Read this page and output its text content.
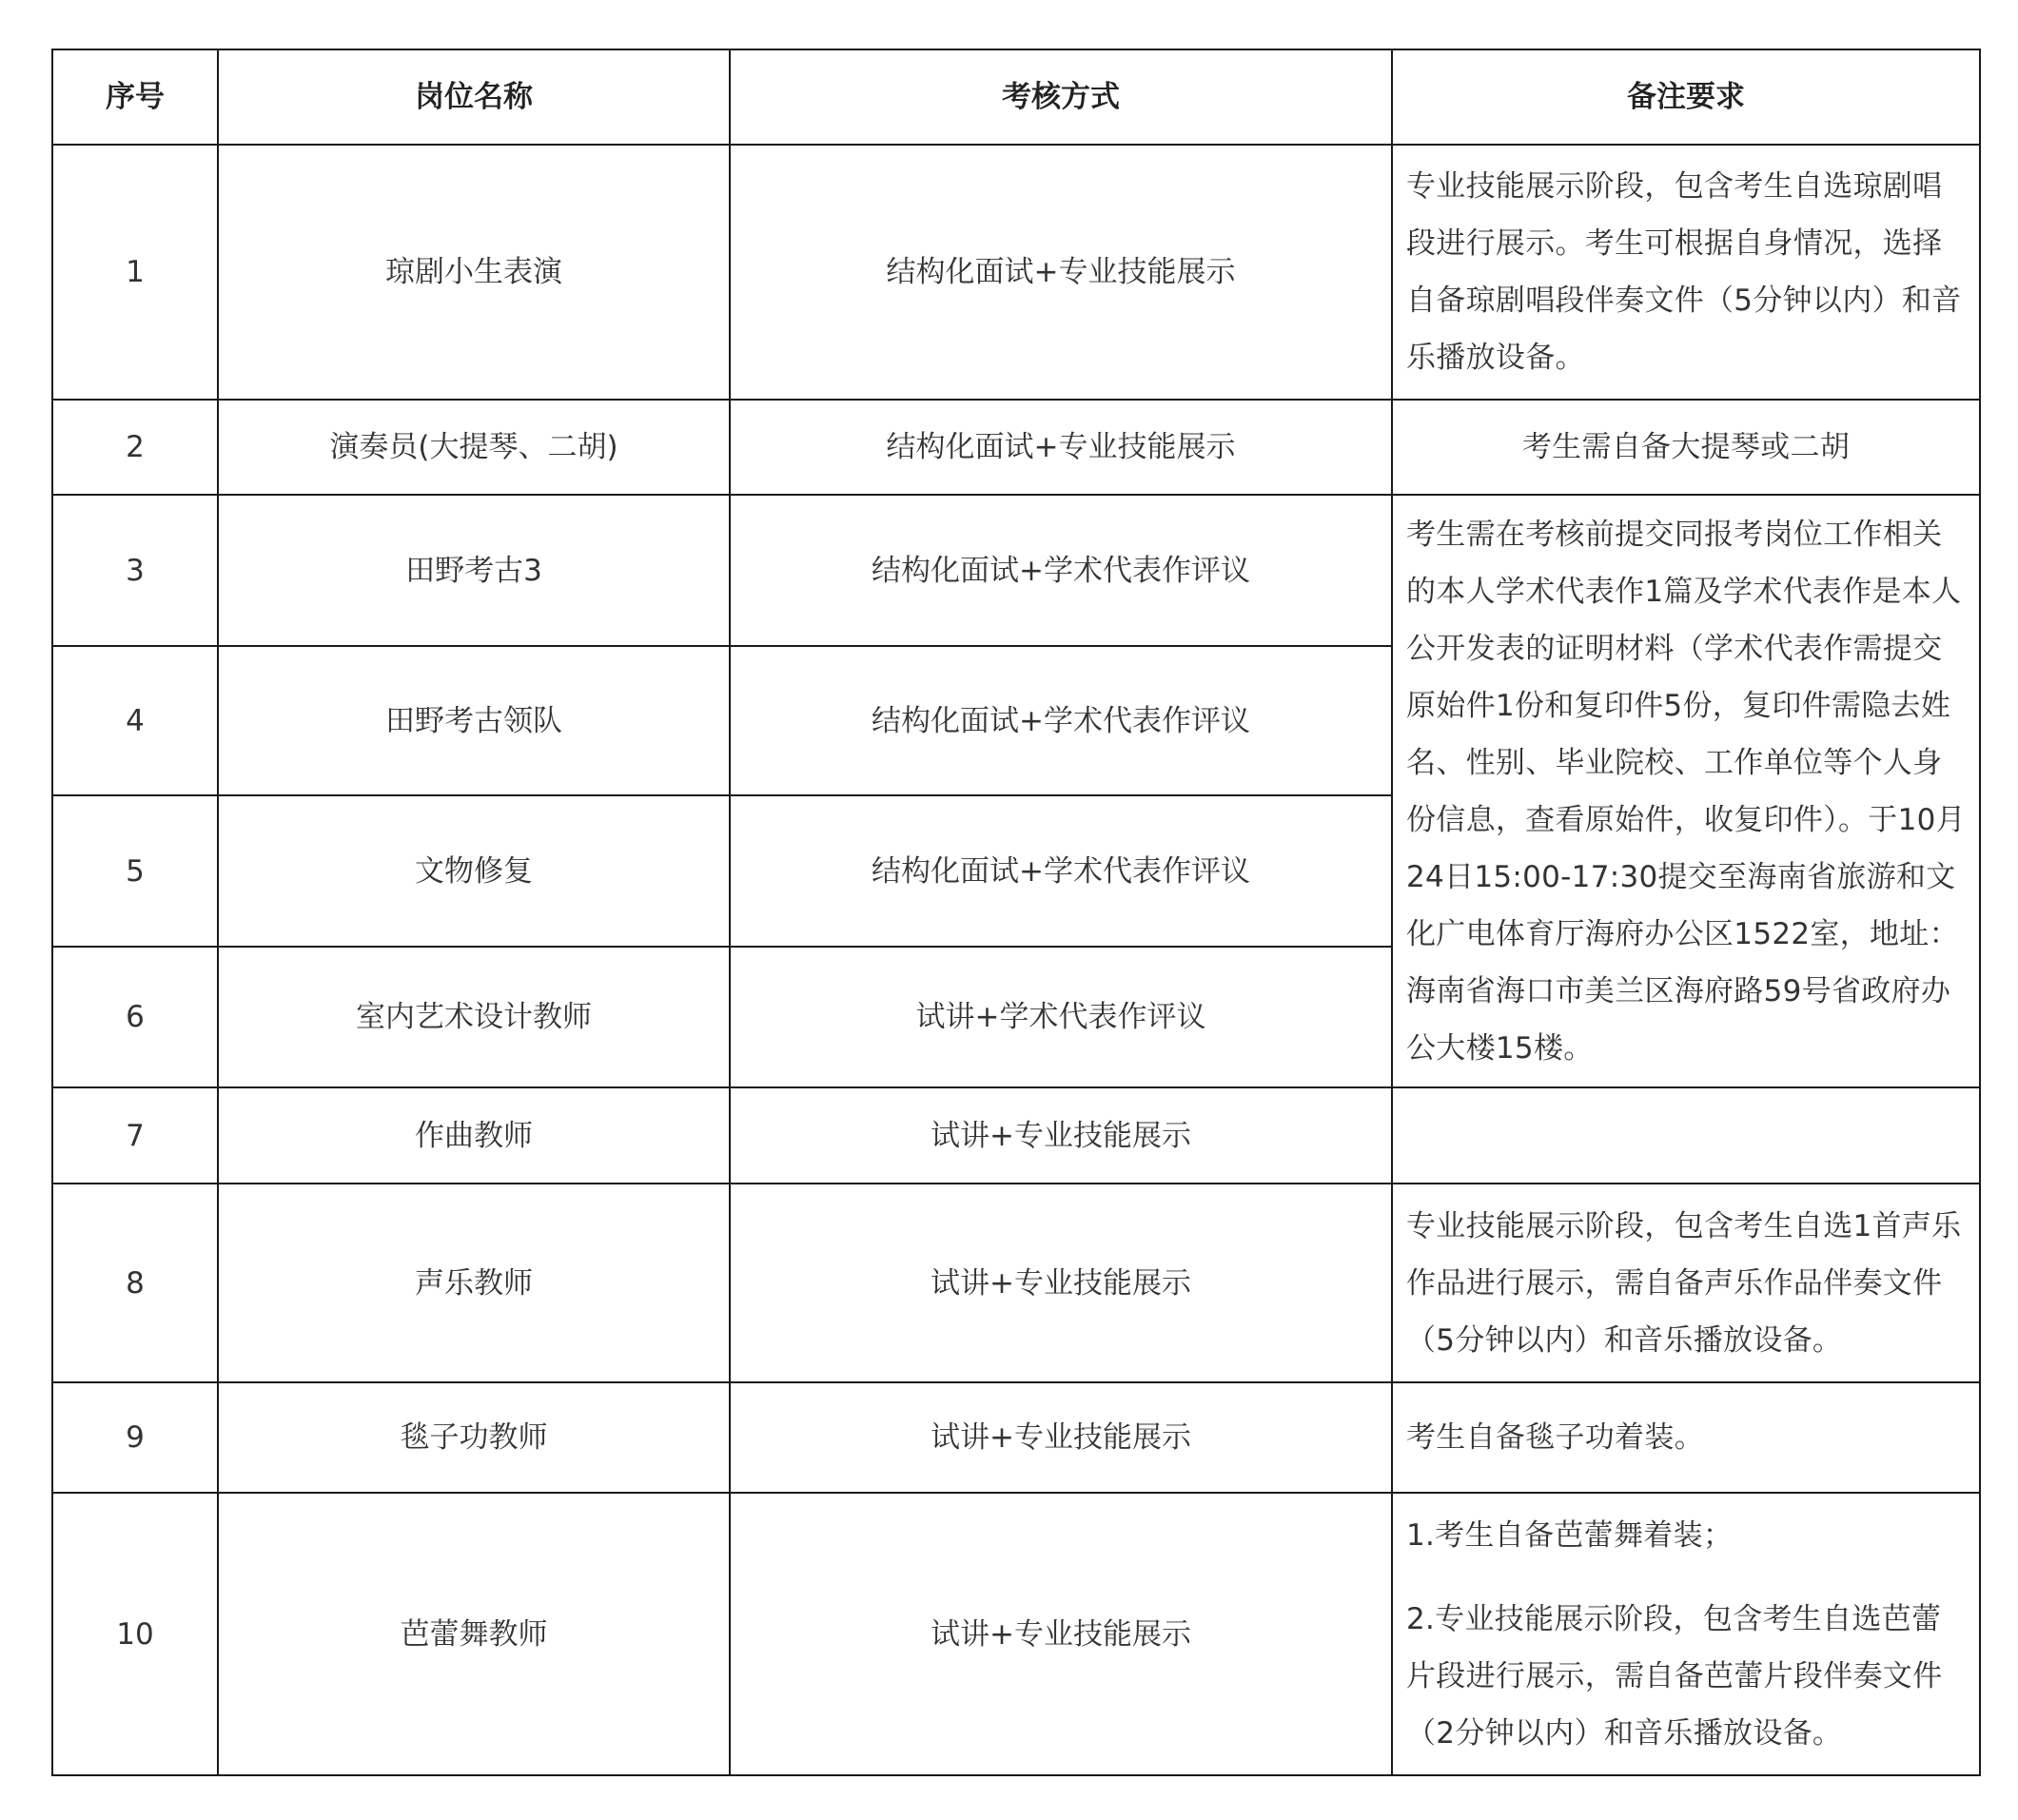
序号	岗位名称	考核方式	备注要求
1	琼剧小生表演	结构化面试+专业技能展示	专业技能展示阶段，包含考生自选琼剧唱段进行展示。考生可根据自身情况，选择自备琼剧唱段伴奏文件（5分钟以内）和音乐播放设备。
2	演奏员(大提琴、二胡)	结构化面试+专业技能展示	考生需自备大提琴或二胡
3	田野考古3	结构化面试+学术代表作评议	考生需在考核前提交同报考岗位工作相关的本人学术代表作1篇及学术代表作是本人公开发表的证明材料（学术代表作需提交原始件1份和复印件5份，复印件需隐去姓名、性别、毕业院校、工作单位等个人身份信息，查看原始件，收复印件）。于10月24日15:00-17:30提交至海南省旅游和文化广电体育厅海府办公区1522室，地址：海南省海口市美兰区海府路59号省政府办公大楼15楼。
4	田野考古领队	结构化面试+学术代表作评议	
5	文物修复	结构化面试+学术代表作评议	
6	室内艺术设计教师	试讲+学术代表作评议	
7	作曲教师	试讲+专业技能展示	
8	声乐教师	试讲+专业技能展示	专业技能展示阶段，包含考生自选1首声乐作品进行展示，需自备声乐作品伴奏文件（5分钟以内）和音乐播放设备。
9	毯子功教师	试讲+专业技能展示	考生自备毯子功着装。
10	芭蕾舞教师	试讲+专业技能展示	1.考生自备芭蕾舞着装；

2.专业技能展示阶段，包含考生自选芭蕾片段进行展示，需自备芭蕾片段伴奏文件（2分钟以内）和音乐播放设备。
